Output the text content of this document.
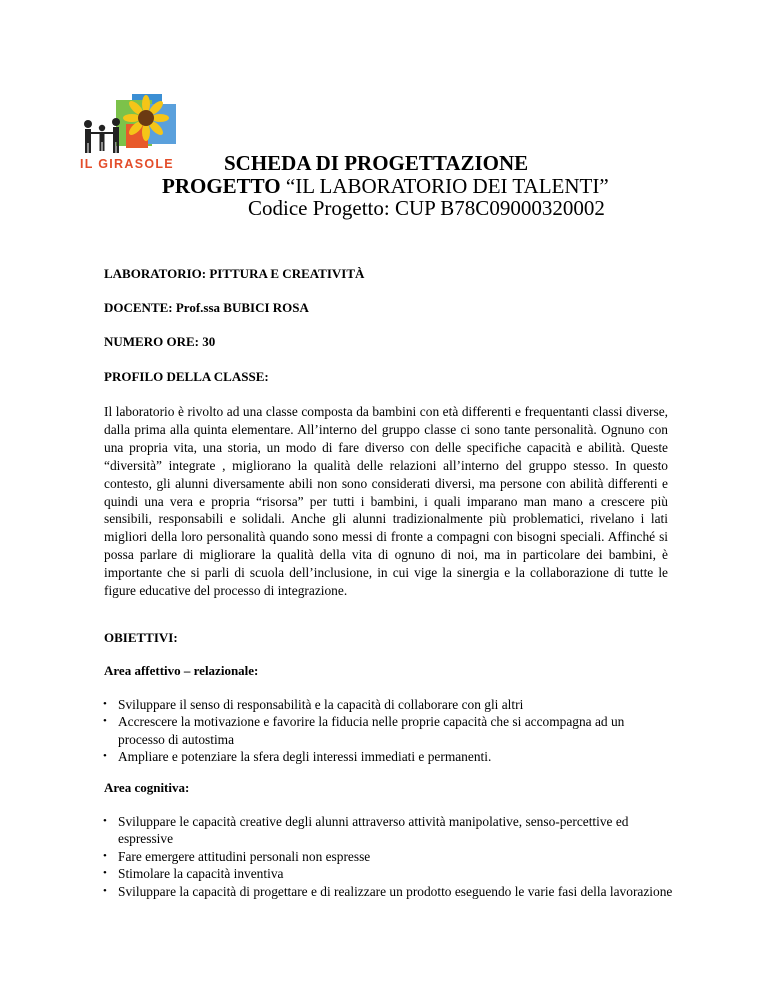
IL GIRASOLE SCHEDA DI PROGETTAZIONE
PROGETTO “IL LABORATORIO DEI TALENTI”
Codice Progetto: CUP B78C09000320002
LABORATORIO: PITTURA E CREATIVITÀ
DOCENTE: Prof.ssa BUBICI ROSA
NUMERO ORE: 30
PROFILO DELLA CLASSE:

Il laboratorio è rivolto ad una classe composta da bambini con età differenti e frequentanti classi diverse, dalla prima alla quinta elementare. All’interno del gruppo classe ci sono tante personalità. Ognuno con una propria vita, una storia, un modo di fare diverso con delle specifiche capacità e abilità. Queste “diversità” integrate , migliorano la qualità delle relazioni all’interno del gruppo stesso. In questo contesto, gli alunni diversamente abili non sono considerati diversi, ma persone con abilità differenti e quindi una vera e propria “risorsa” per tutti i bambini, i quali imparano man mano a crescere più sensibili, responsabili e solidali. Anche gli alunni tradizionalmente più problematici, rivelano i lati migliori della loro personalità quando sono messi di fronte a compagni con bisogni speciali. Affinché si possa parlare di migliorare la qualità della vita di ognuno di noi, ma in particolare dei bambini, è importante che si parli di scuola dell’inclusione, in cui vige la sinergia e la collaborazione di tutte le figure educative del processo di integrazione.

OBIETTIVI:
Area affettivo – relazionale:
• Sviluppare il senso di responsabilità e la capacità di collaborare con gli altri
• Accrescere la motivazione e favorire la fiducia nelle proprie capacità che si accompagna ad un processo di autostima
• Ampliare e potenziare la sfera degli interessi immediati e permanenti.
Area cognitiva:
• Sviluppare le capacità creative degli alunni attraverso attività manipolative, senso-percettive ed espressive
• Fare emergere attitudini personali non espresse
• Stimolare la capacità inventiva
• Sviluppare la capacità di progettare e di realizzare un prodotto eseguendo le varie fasi della lavorazione
